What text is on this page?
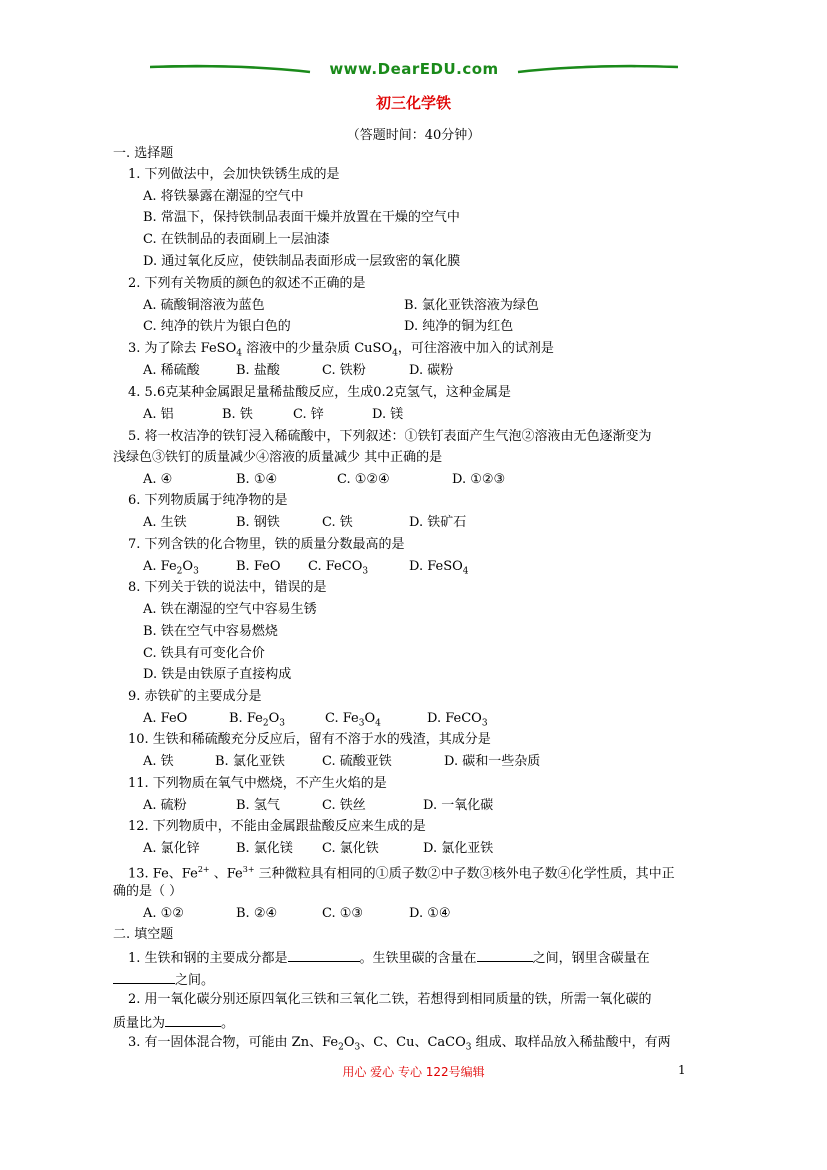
www.DearEDU.com
初三化学铁
（答题时间：40分钟）
一. 选择题
1. 下列做法中，会加快铁锈生成的是
A. 将铁暴露在潮湿的空气中
B. 常温下，保持铁制品表面干燥并放置在干燥的空气中
C. 在铁制品的表面刷上一层油漆
D. 通过氧化反应，使铁制品表面形成一层致密的氧化膜
2. 下列有关物质的颜色的叙述不正确的是
A. 硫酸铜溶液为蓝色	B. 氯化亚铁溶液为绿色
C. 纯净的铁片为银白色的	D. 纯净的铜为红色
3. 为了除去 FeSO$_4$ 溶液中的少量杂质 CuSO$_4$，可往溶液中加入的试剂是
A. 稀硫酸	B. 盐酸	C. 铁粉	D. 碳粉
4. 5.6克某种金属跟足量稀盐酸反应，生成0.2克氢气，这种金属是
A. 铝	B. 铁	C. 锌	D. 镁
5. 将一枚洁净的铁钉浸入稀硫酸中，下列叙述：①铁钉表面产生气泡②溶液由无色逐渐变为
浅绿色③铁钉的质量减少④溶液的质量减少 其中正确的是
A. ④	B. ①④	C. ①②④	D. ①②③
6. 下列物质属于纯净物的是
A. 生铁	B. 钢铁	C. 铁	D. 铁矿石
7. 下列含铁的化合物里，铁的质量分数最高的是
A. $Fe_2O_3$	B. FeO C. FeCO$_3$	D. FeSO$_4$
8. 下列关于铁的说法中，错误的是
A. 铁在潮湿的空气中容易生锈
B. 铁在空气中容易燃烧
C. 铁具有可变化合价
D. 铁是由铁原子直接构成
9. 赤铁矿的主要成分是
A. FeO	B. $Fe_2O_3$	C. $Fe_3O_4$	D. FeCO$_3$
10. 生铁和稀硫酸充分反应后，留有不溶于水的残渣，其成分是
A. 铁	B. 氯化亚铁	C. 硫酸亚铁	D. 碳和一些杂质
11. 下列物质在氧气中燃烧，不产生火焰的是
A. 硫粉	B. 氢气	C. 铁丝	D. 一氧化碳
12. 下列物质中，不能由金属跟盐酸反应来生成的是
A. 氯化锌	B. 氯化镁 C. 氯化铁	D. 氯化亚铁
13. Fe、$Fe^{2+}$ 、$Fe^{3+}$ 三种微粒具有相同的①质子数②中子数③核外电子数④化学性质，其中正
确的是（ ）
A. ①②	B. ②④	C. ①③	D. ①④
二. 填空题
1. 生铁和钢的主要成分都是	。生铁里碳的含量在	之间，钢里含碳量在
之间。
2. 用一氧化碳分别还原四氧化三铁和三氧化二铁，若想得到相同质量的铁，所需一氧化碳的
质量比为	。
3. 有一固体混合物，可能由 Zn、$Fe_2O_3$、C、Cu、CaCO$_3$ 组成、取样品放入稀盐酸中，有两
用心 爱心 专心 122号编辑	1
